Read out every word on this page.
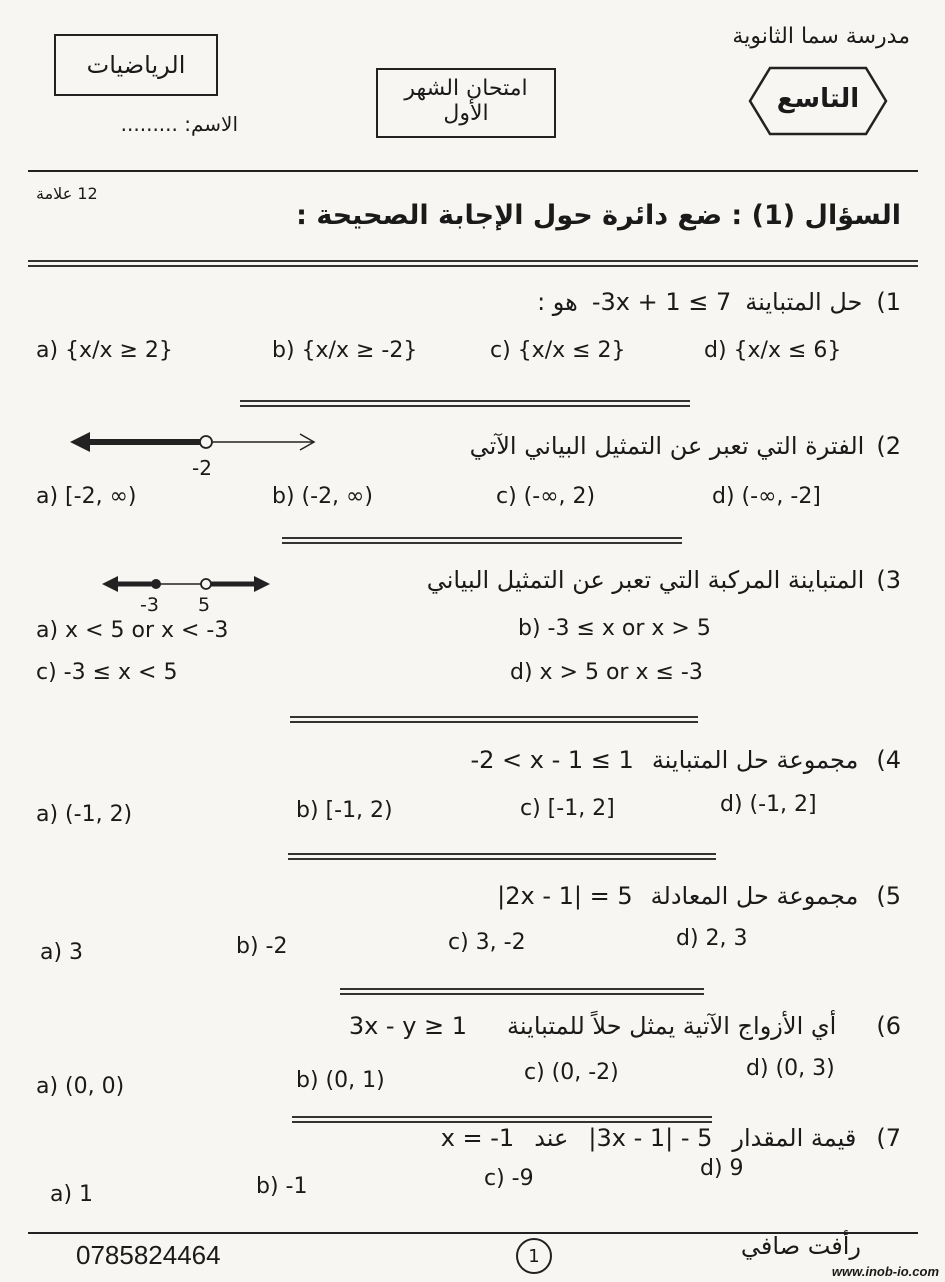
مدرسة سما الثانوية
الرياضيات
الاسم: .........
امتحان الشهر
الأول	التاسع
12 علامة
السؤال (1) : ضع دائرة حول الإجابة الصحيحة :
1)
حل المتباينة
-3x + 1 ≤ 7
هو :
a) {x/x ≥ 2}	b) {x/x ≥ -2}	c) {x/x ≤ 2}	d) {x/x ≤ 6}
2)
الفترة التي تعبر عن التمثيل البياني الآتي
-2
a) [-2, ∞)	b) (-2, ∞)	c) (-∞, 2)	d) (-∞, -2]
3)
المتباينة المركبة التي تعبر عن التمثيل البياني
-3 5
a) x < 5 or x < -3	b) -3 ≤ x or x > 5
c) -3 ≤ x < 5	d) x > 5 or x ≤ -3
4)
مجموعة حل المتباينة
-2 < x - 1 ≤ 1
a) (-1, 2)	b) [-1, 2)	c) [-1, 2]	d) (-1, 2]
5)
مجموعة حل المعادلة
|2x - 1| = 5
a) 3	b) -2	c) 3, -2	d) 2, 3
6)
أي الأزواج الآتية يمثل حلاً للمتباينة
3x - y ≥ 1
a) (0, 0)	b) (0, 1)	c) (0, -2)	d) (0, 3)
7)
قيمة المقدار
|3x - 1| - 5
عند
x = -1
a) 1	b) -1	c) -9	d) 9
رأفت صافي
1
0785824464
www.inob-io.com
